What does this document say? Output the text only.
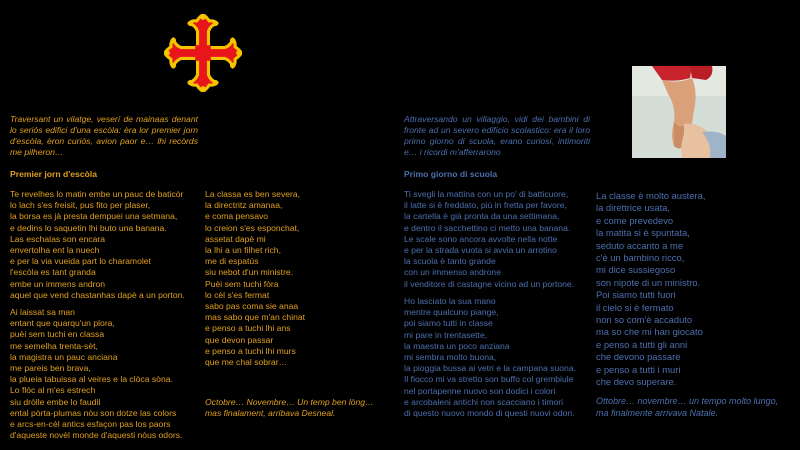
Traversant un vilatge, veserí de mainaas denant lo seriós edifici d'una escòla: èra lor premier jorn d'escòla, èron curiós, avion paor e… lhi recòrds me pilheron…

Premier jorn d'escòla

Te revelhes lo matin embe un pauc de baticòr
lo lach s'es freisit, pus fito per plaser,
la borsa es jà presta dempuei una setmana,
e dedins lo saquetin lhi buto una banana.
Las eschalas son encara
envertolha ent la nuech
e per la via vueida part lo charamolet
l'escòla es tant granda
embe un immens andron
aquel que vend chastanhas dapè a un porton.
Ai laissat sa man
entant que quarqu'un plora,
puèi sem tuchi en classa
me semelha trenta-sèt,
la magistra un pauc anciana
me pareis ben brava,
la plueia tabuissa al veires e la clòca sòna.
Lo flòc al m'es estrech
siu dròlle embe lo faudil
ental pòrta-plumas nòu son dotze las colors
e arcs-en-cèl antics esfaçon pas los paors
d'aqueste novèl monde d'aquesti nòus odors.
La classa es ben severa,
la directritz amanaa,
e coma pensavo
lo creion s'es esponchat,
assetat dapè mi
la lhi a un filhet rich,
me di espatús
siu nebot d'un ministre.
Puèi sem tuchi fòra
lo cèl s'es fermat
sabo pas coma sie anaa
mas sabo que m'an chinat
e penso a tuchi lhi ans
que devon passar
e penso a tuchi lhi murs
que me chal sobrar…

Octobre… Novembre… Un temp ben lòng… mas finalament, arribava Desneal.

Attraversando un villaggio, vidi dei bambini di fronte ad un severo edificio scolastico: era il loro primo giorno di scuola, erano curiosi, intimoriti e… i ricordi m'afferrarono

Primo giorno di scuola

Ti svegli la mattina con un po' di batticuore,
il latte si è freddato, più in fretta per favore,
la cartella è già pronta da una settimana,
e dentro il sacchettino ci metto una banana.
Le scale sono ancora avvolte nella notte
e per la strada vuota si avvia un arrotino
la scuola è tanto grande
con un immenso androne
il venditore di castagne vicino ad un portone.
Ho lasciato la sua mano
mentre qualcuno piange,
poi siamo tutti in classe
mi pare in trentasette,
la maestra un poco anziana
mi sembra molto buona,
la pioggia bussa ai vetri e la campana suona.
Il fiocco mi va stretto son buffo col grembiule
nel portapenne nuovo son dodici i colori
e arcobaleni antichi non scacciano i timori
di questo nuovo mondo di questi nuovi odori.
La classe è molto austera,
la direttrice usata,
e come prevedevo
la matita si è spuntata,
seduto accanto a me
c'è un bambino ricco,
mi dice sussiegoso
son nipote di un ministro.
Poi siamo tutti fuori
il cielo si è fermato
non so com'è accaduto
ma so che mi han giocato
e penso a tutti gli anni
che devono passare
e penso a tutti i muri
che devo superare.

Ottobre… novembre… un tempo molto lungo, ma finalmente arrivava Natale.
